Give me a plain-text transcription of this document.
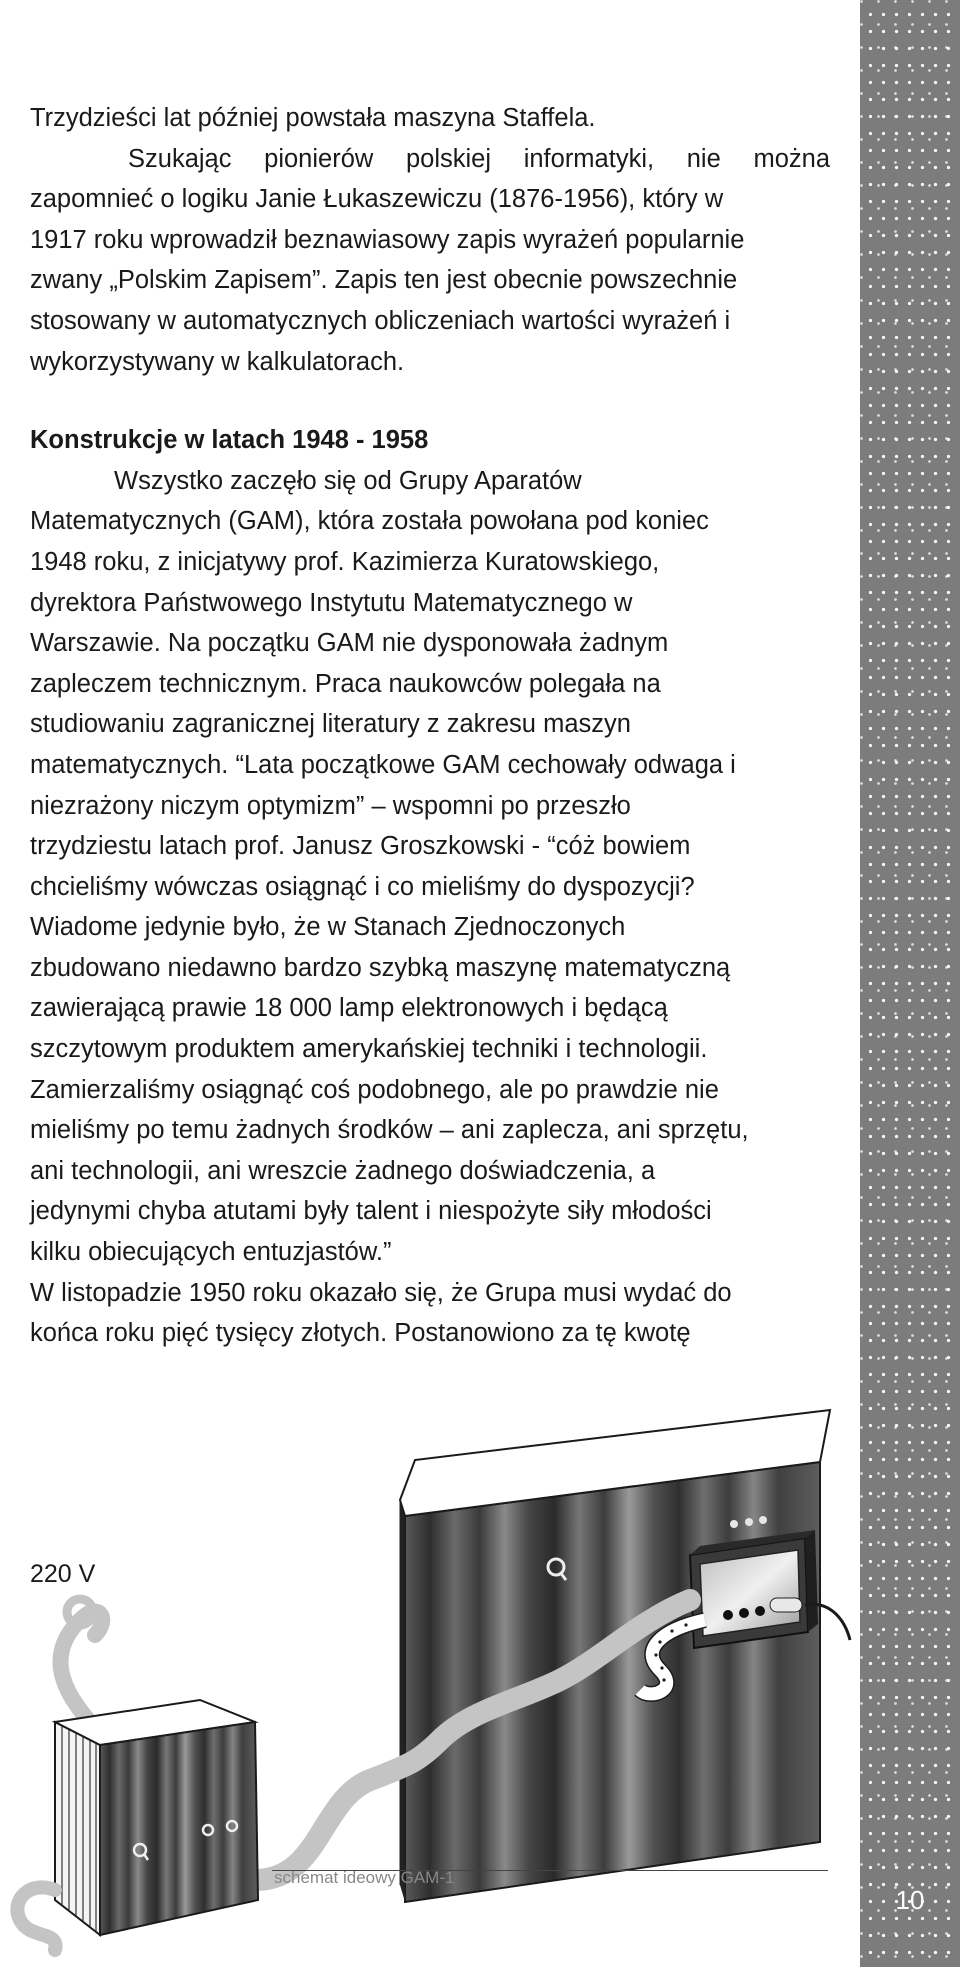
Trzydzieści lat później powstała maszyna Staffela.
Szukając pionierów polskiej informatyki, nie można
zapomnieć o logiku Janie Łukaszewiczu (1876-1956), który w
1917 roku wprowadził beznawiasowy zapis wyrażeń popularnie
zwany „Polskim Zapisem”. Zapis ten jest obecnie powszechnie
stosowany w automatycznych obliczeniach wartości wyrażeń i
wykorzystywany w kalkulatorach.
Konstrukcje w latach 1948 - 1958
Wszystko zaczęło się od Grupy Aparatów
Matematycznych (GAM), która została powołana pod koniec
1948 roku, z inicjatywy prof. Kazimierza Kuratowskiego,
dyrektora Państwowego Instytutu Matematycznego w
Warszawie. Na początku GAM nie dysponowała żadnym
zapleczem technicznym. Praca naukowców polegała na
studiowaniu zagranicznej literatury z zakresu maszyn
matematycznych. “Lata początkowe GAM cechowały odwaga i
niezrażony niczym optymizm” – wspomni po przeszło
trzydziestu latach prof. Janusz Groszkowski - “cóż bowiem
chcieliśmy wówczas osiągnąć i co mieliśmy do dyspozycji?
Wiadome jedynie było, że w Stanach Zjednoczonych
zbudowano niedawno bardzo szybką maszynę matematyczną
zawierającą prawie 18 000 lamp elektronowych i będącą
szczytowym produktem amerykańskiej techniki i technologii.
Zamierzaliśmy osiągnąć coś podobnego, ale po prawdzie nie
mieliśmy po temu żadnych środków – ani zaplecza, ani sprzętu,
ani technologii, ani wreszcie żadnego doświadczenia, a
jedynymi chyba atutami były talent i niespożyte siły młodości
kilku obiecujących entuzjastów.”
W listopadzie 1950 roku okazało się, że Grupa musi wydać do
końca roku pięć tysięcy złotych. Postanowiono za tę kwotę
220 V
schemat ideowy GAM-1
10
